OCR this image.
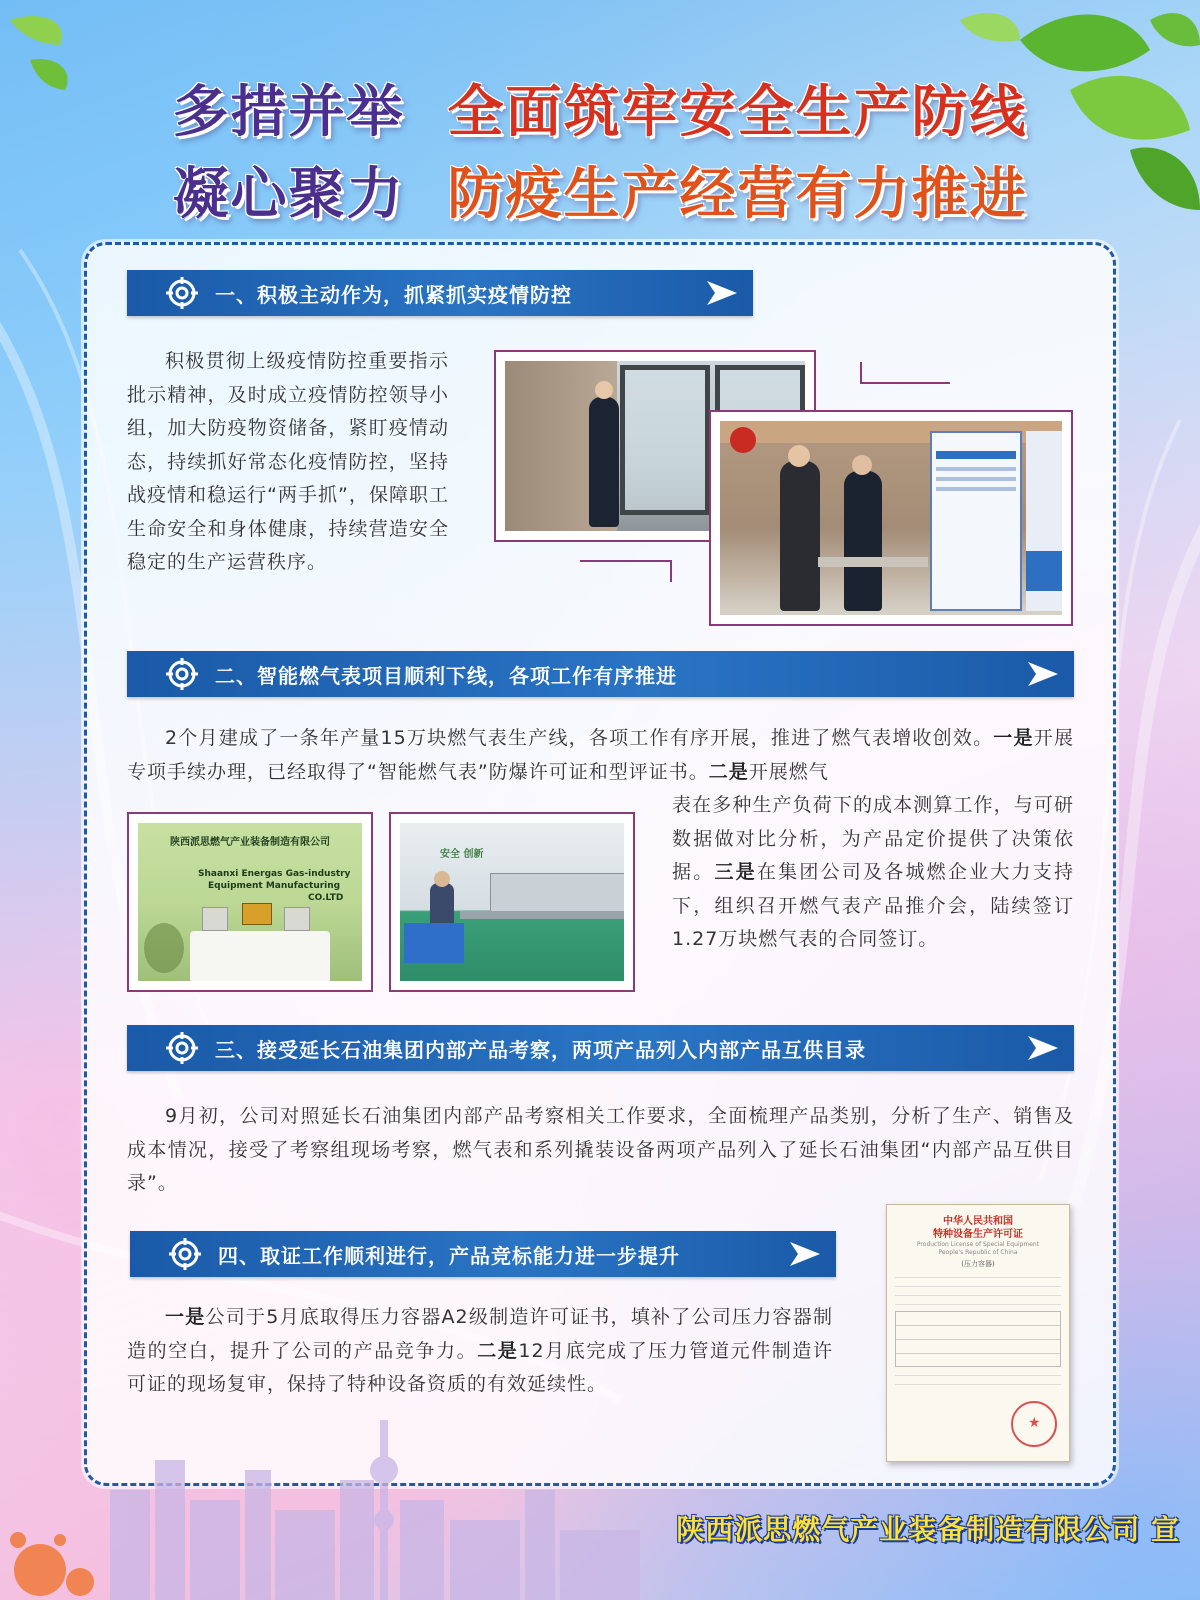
多措并举 全面筑牢安全生产防线
凝心聚力 防疫生产经营有力推进
一、积极主动作为，抓紧抓实疫情防控
积极贯彻上级疫情防控重要指示批示精神，及时成立疫情防控领导小组，加大防疫物资储备，紧盯疫情动态，持续抓好常态化疫情防控，坚持战疫情和稳运行“两手抓”，保障职工生命安全和身体健康，持续营造安全稳定的生产运营秩序。
二、智能燃气表项目顺利下线，各项工作有序推进
2个月建成了一条年产量15万块燃气表生产线，各项工作有序开展，推进了燃气表增收创效。一是开展专项手续办理，已经取得了“智能燃气表”防爆许可证和型评证书。二是开展燃气
表在多种生产负荷下的成本测算工作，与可研数据做对比分析，为产品定价提供了决策依据。三是在集团公司及各城燃企业大力支持下，组织召开燃气表产品推介会，陆续签订1.27万块燃气表的合同签订。
陕西派思燃气产业装备制造有限公司
Shaanxi Energas Gas-industry
Equipment Manufacturing
CO.LTD
安全 创新
三、接受延长石油集团内部产品考察，两项产品列入内部产品互供目录
9月初，公司对照延长石油集团内部产品考察相关工作要求，全面梳理产品类别，分析了生产、销售及成本情况，接受了考察组现场考察，燃气表和系列撬装设备两项产品列入了延长石油集团“内部产品互供目录”。
四、取证工作顺利进行，产品竞标能力进一步提升
一是公司于5月底取得压力容器A2级制造许可证书，填补了公司压力容器制造的空白，提升了公司的产品竞争力。二是12月底完成了压力管道元件制造许可证的现场复审，保持了特种设备资质的有效延续性。
中华人民共和国
特种设备生产许可证
Production License of Special Equipment
People's Republic of China
(压力容器)
★
陕西派思燃气产业装备制造有限公司 宣
